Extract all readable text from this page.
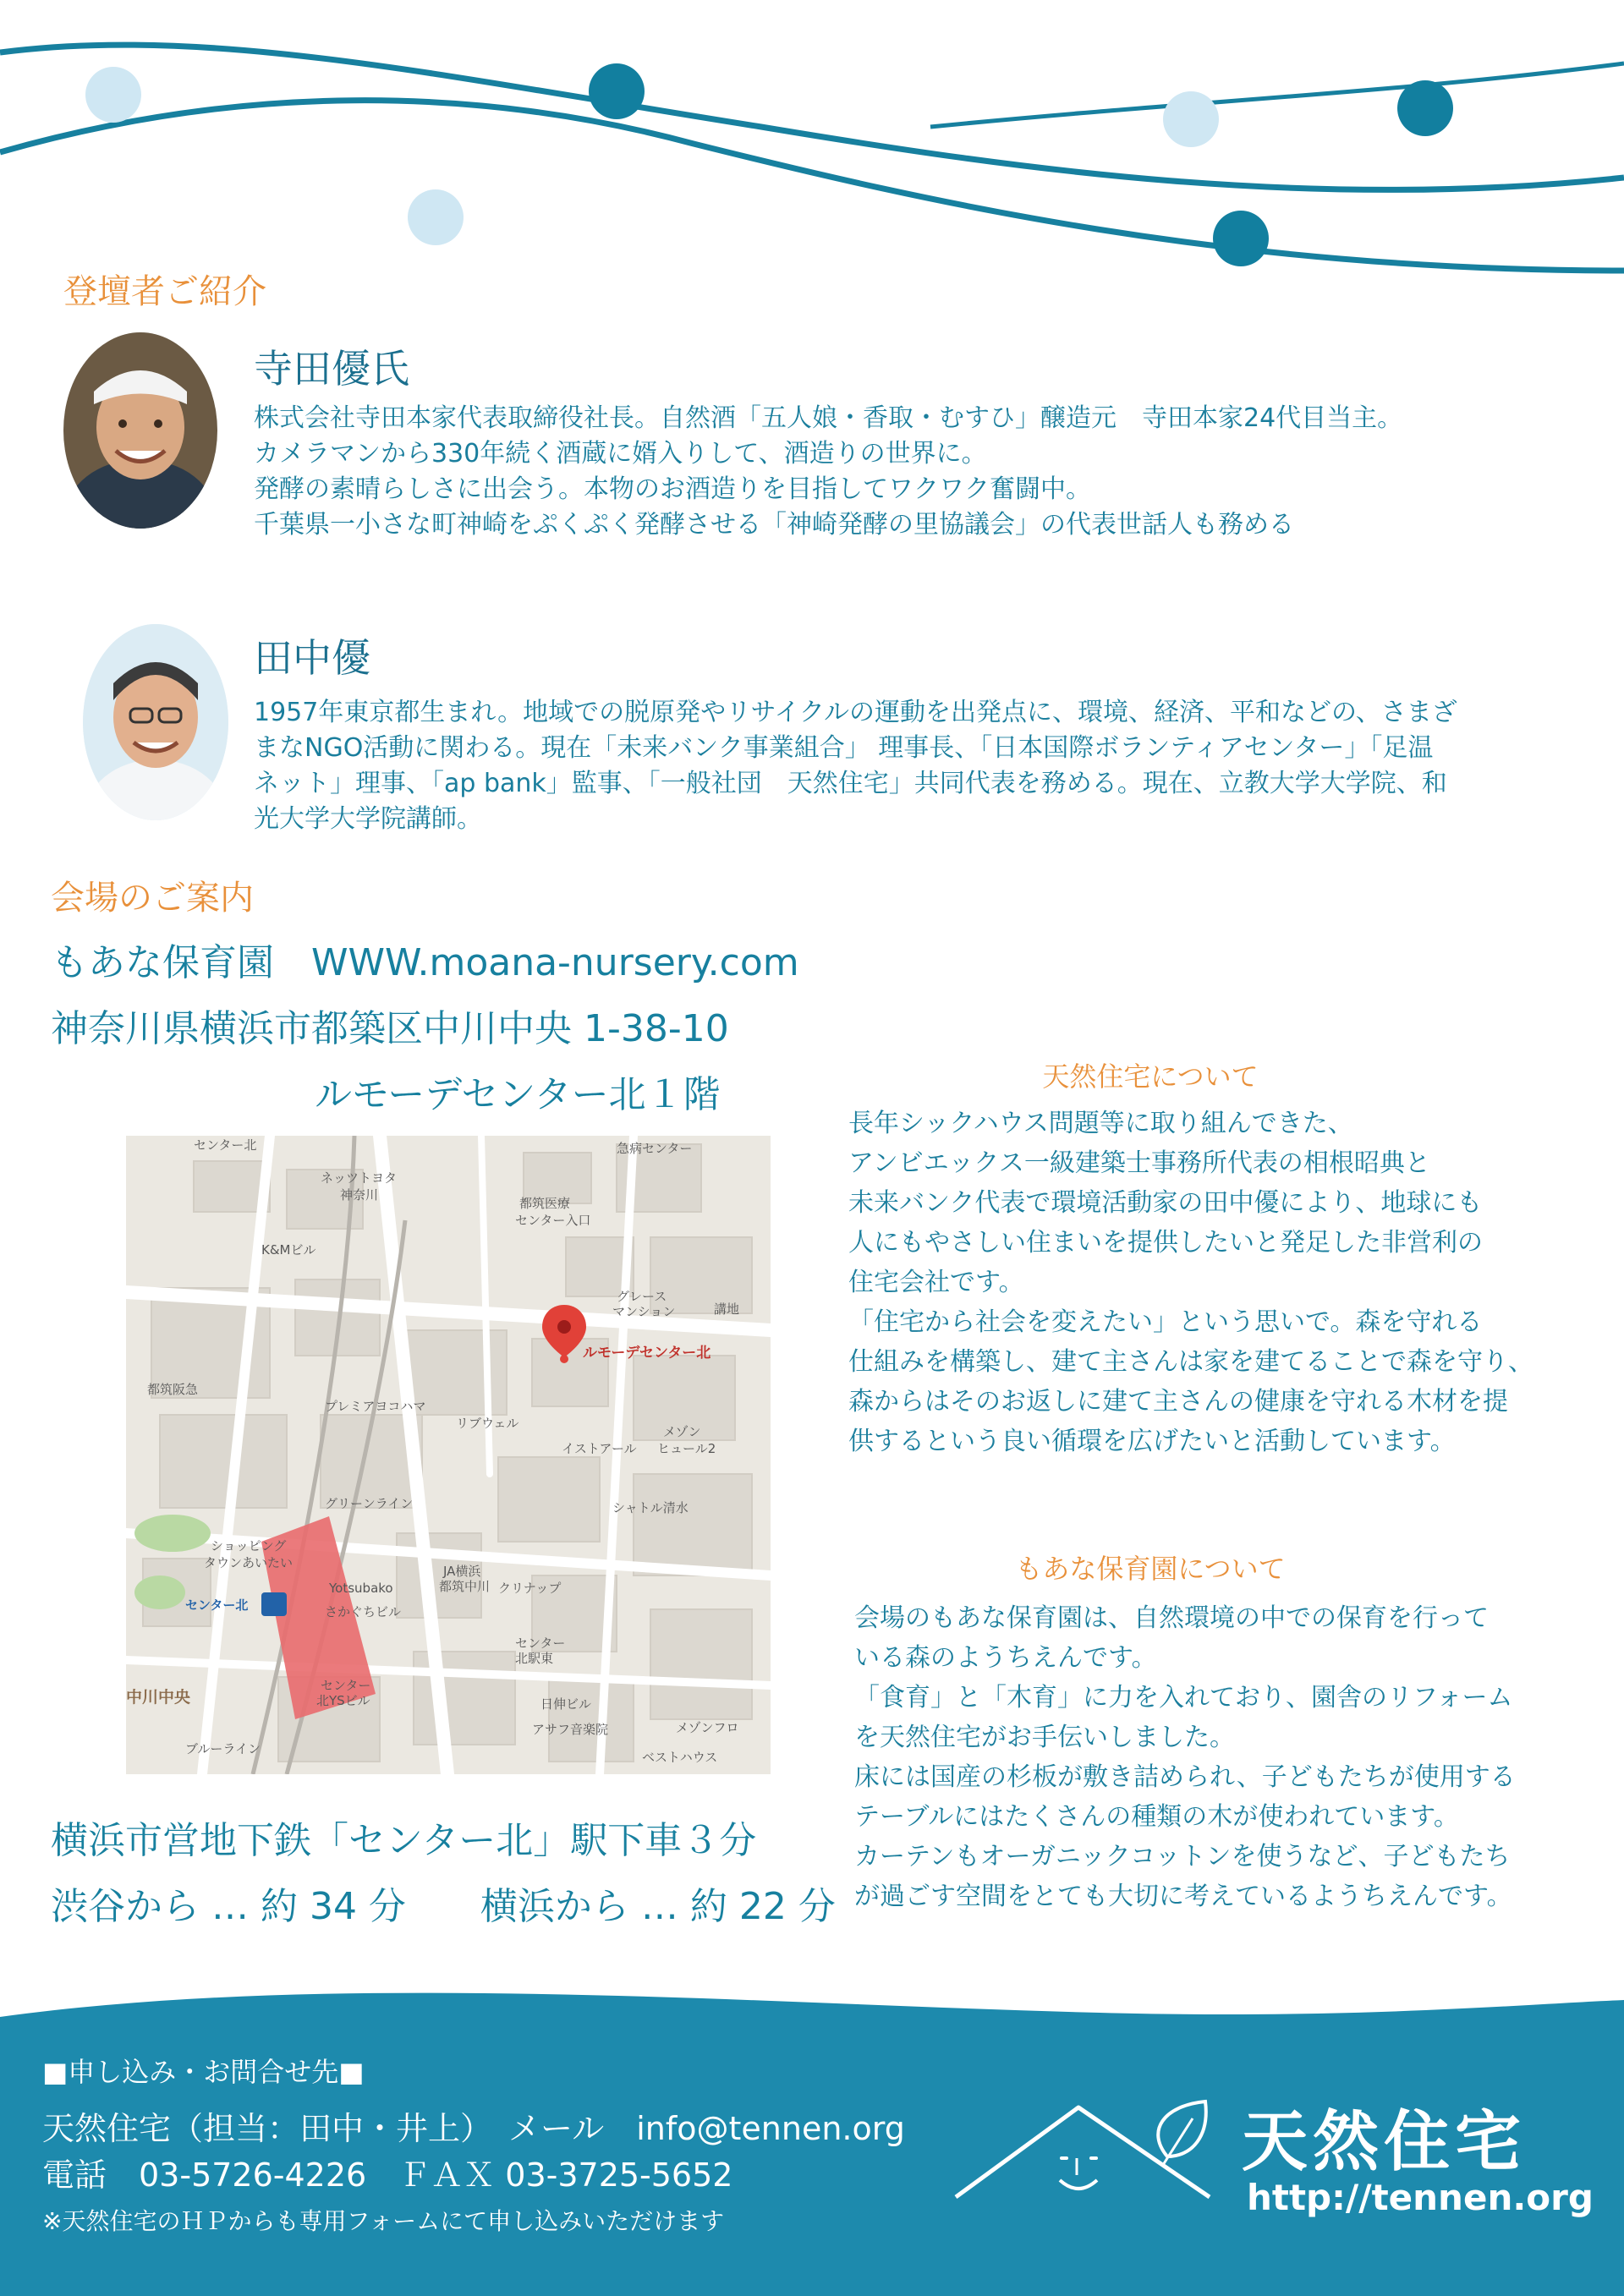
登壇者ご紹介
寺田優氏
株式会社寺田本家代表取締役社長。自然酒「五人娘・香取・むすひ」醸造元　寺田本家24代目当主。
カメラマンから330年続く酒蔵に婿入りして、酒造りの世界に。
発酵の素晴らしさに出会う。本物のお酒造りを目指してワクワク奮闘中。
千葉県一小さな町神崎をぷくぷく発酵させる「神崎発酵の里協議会」の代表世話人も務める
田中優
1957年東京都生まれ。地域での脱原発やリサイクルの運動を出発点に、環境、経済、平和などの、さまざ
まなNGO活動に関わる。現在「未来バンク事業組合」 理事長、「日本国際ボランティアセンター」「足温
ネット」理事、「ap bank」監事、「一般社団　天然住宅」共同代表を務める。現在、立教大学大学院、和
光大学大学院講師。
会場のご案内
もあな保育園　WWW.moana-nursery.com
神奈川県横浜市都築区中川中央 1-38-10
ルモーデセンター北１階
センター北	急病センター
ネッツトヨタ
神奈川
都筑医療
センター入口
K&Mビル
グレース
マンション
ルモーデセンター北
都筑阪急
プレミアヨコハマ
リブウェル
イストアール
メゾン
ヒュール2
シャトル清水
ショッピング
タウンあいたい
Yotsubako
さかぐちビル
JA横浜
都筑中川 クリナップ
センター北
センター
北駅東
センター
北YSビル
中川中央	日伸ビル
アサフ音楽院	メゾンフロ
ベストハウス
講地
ブルーライン
グリーンライン
横浜市営地下鉄「センター北」駅下車３分
渋谷から … 約 34 分　　横浜から … 約 22 分
天然住宅について
長年シックハウス問題等に取り組んできた、
アンビエックス一級建築士事務所代表の相根昭典と
未来バンク代表で環境活動家の田中優により、地球にも
人にもやさしい住まいを提供したいと発足した非営利の
住宅会社です。
「住宅から社会を変えたい」という思いで。森を守れる
仕組みを構築し、建て主さんは家を建てることで森を守り、
森からはそのお返しに建て主さんの健康を守れる木材を提
供するという良い循環を広げたいと活動しています。
もあな保育園について
会場のもあな保育園は、自然環境の中での保育を行って
いる森のようちえんです。
「食育」と「木育」に力を入れており、園舎のリフォーム
を天然住宅がお手伝いしました。
床には国産の杉板が敷き詰められ、子どもたちが使用する
テーブルにはたくさんの種類の木が使われています。
カーテンもオーガニックコットンを使うなど、子どもたち
が過ごす空間をとても大切に考えているようちえんです。
■申し込み・お問合せ先■
天然住宅（担当：田中・井上）　メール　info@tennen.org
電話　03-5726-4226　ＦＡＸ 03-3725-5652
※天然住宅のＨＰからも専用フォームにて申し込みいただけます
天然住宅
http://tennen.org
